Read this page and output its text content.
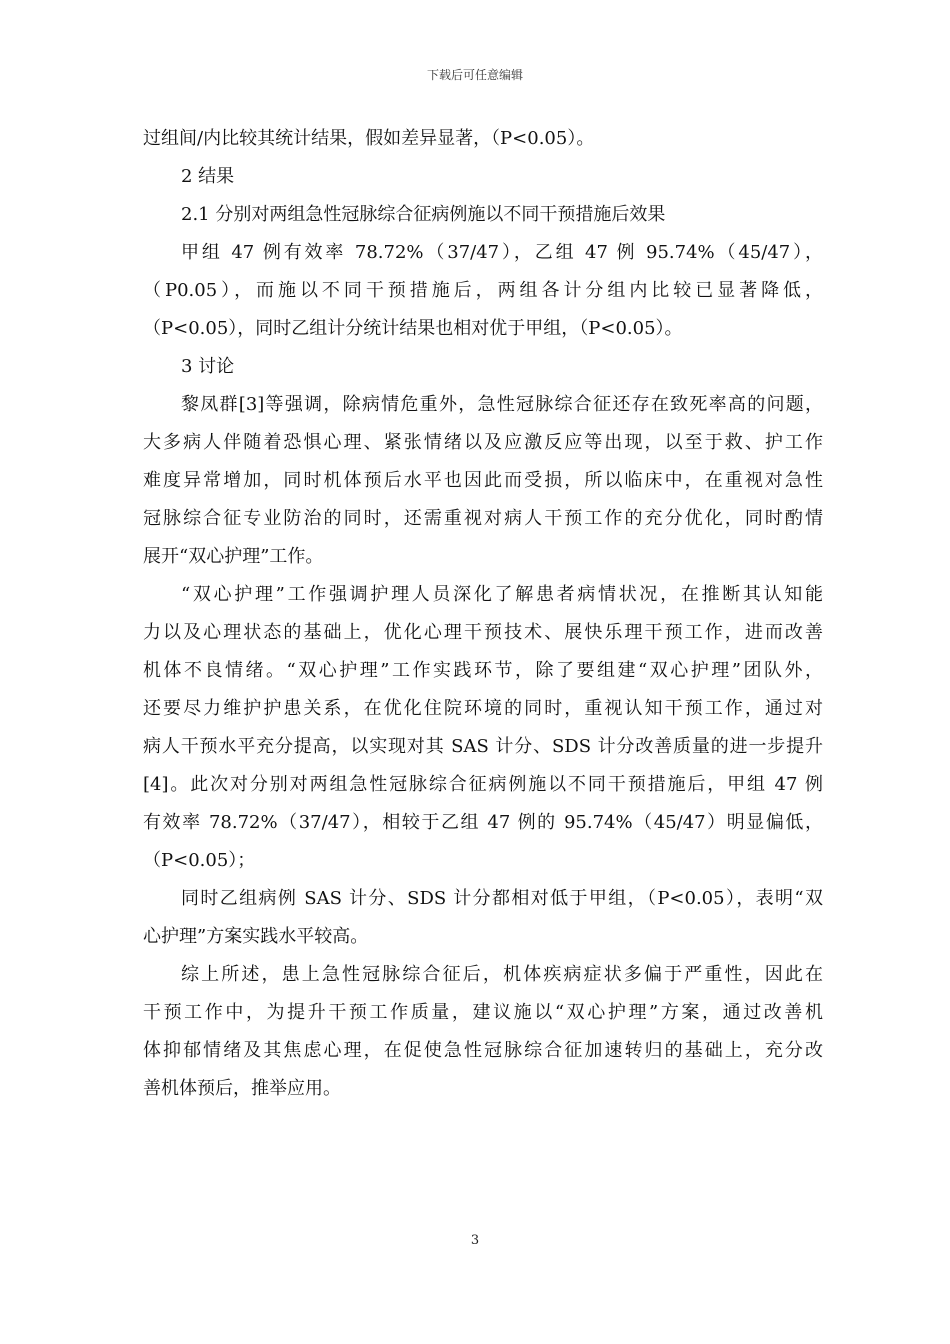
下载后可任意编辑
过组间/内比较其统计结果，假如差异显著，（P<0.05）。
2 结果
2.1 分别对两组急性冠脉综合征病例施以不同干预措施后效果
甲组 47 例有效率 78.72%（37/47），乙组 47 例 95.74%（45/47），
（P0.05），而施以不同干预措施后，两组各计分组内比较已显著降低，
（P<0.05），同时乙组计分统计结果也相对优于甲组，（P<0.05）。
3 讨论
黎凤群[3]等强调，除病情危重外，急性冠脉综合征还存在致死率高的问题，
大多病人伴随着恐惧心理、紧张情绪以及应激反应等出现，以至于救、护工作
难度异常增加，同时机体预后水平也因此而受损，所以临床中，在重视对急性
冠脉综合征专业防治的同时，还需重视对病人干预工作的充分优化，同时酌情
展开“双心护理”工作。
“双心护理”工作强调护理人员深化了解患者病情状况，在推断其认知能
力以及心理状态的基础上，优化心理干预技术、展快乐理干预工作，进而改善
机体不良情绪。“双心护理”工作实践环节，除了要组建“双心护理”团队外，
还要尽力维护护患关系，在优化住院环境的同时，重视认知干预工作，通过对
病人干预水平充分提高，以实现对其 SAS 计分、SDS 计分改善质量的进一步提升
[4]。此次对分别对两组急性冠脉综合征病例施以不同干预措施后，甲组 47 例
有效率 78.72%（37/47），相较于乙组 47 例的 95.74%（45/47）明显偏低，
（P<0.05）；
同时乙组病例 SAS 计分、SDS 计分都相对低于甲组，（P<0.05），表明“双
心护理”方案实践水平较高。
综上所述，患上急性冠脉综合征后，机体疾病症状多偏于严重性，因此在
干预工作中，为提升干预工作质量，建议施以“双心护理”方案，通过改善机
体抑郁情绪及其焦虑心理，在促使急性冠脉综合征加速转归的基础上，充分改
善机体预后，推举应用。
3
